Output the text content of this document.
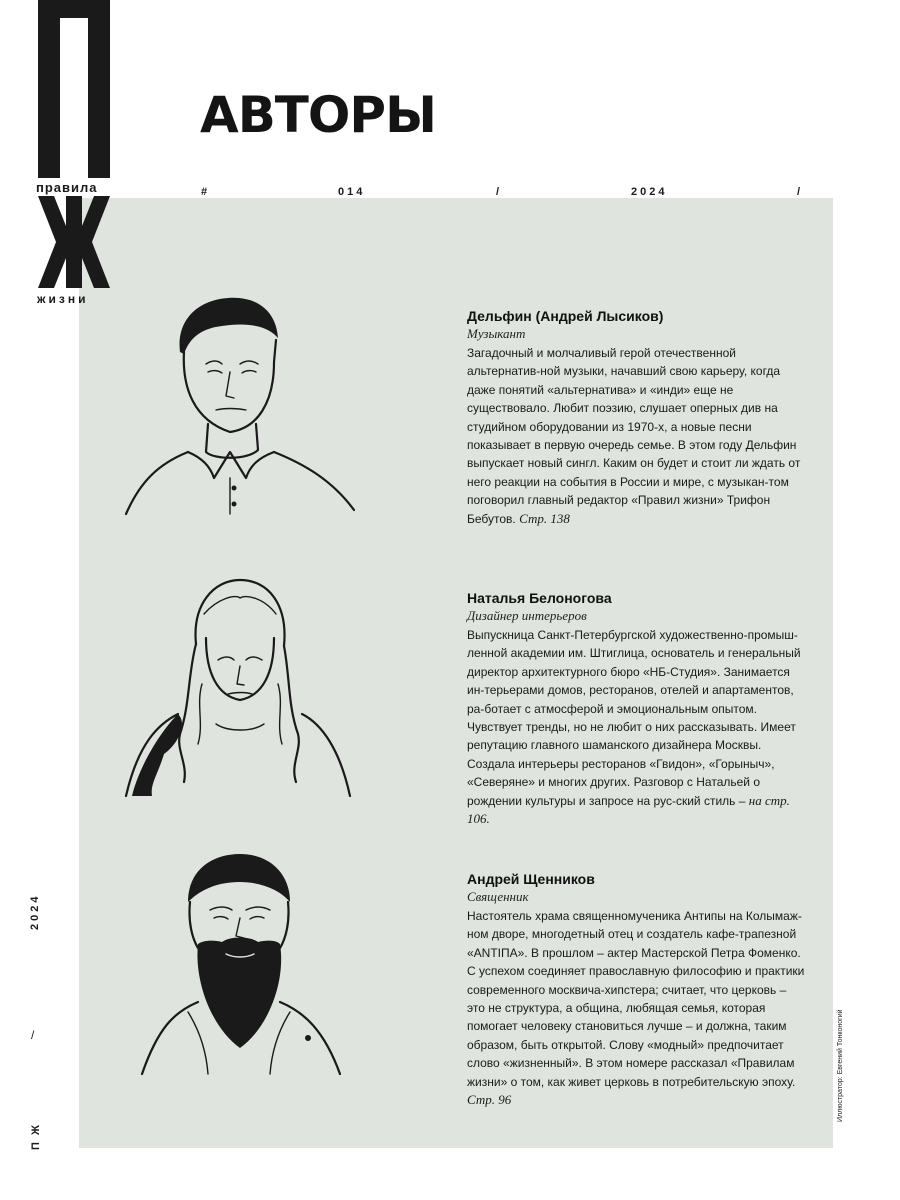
правила
жизни
АВТОРЫ
#	014	/	2024	/
2024
/
П Ж
Иллюстратор: Евгений Тонконогий

Дельфин (Андрей Лысиков)

Музыкант

Загадочный и молчаливый герой отечественной альтернатив-ной музыки, начавший свою карьеру, когда даже понятий «альтернатива» и «инди» еще не существовало. Любит поэзию, слушает оперных див на студийном оборудовании из 1970-х, а новые песни показывает в первую очередь семье. В этом году Дельфин выпускает новый сингл. Каким он будет и стоит ли ждать от него реакции на события в России и мире, с музыкан-том поговорил главный редактор «Правил жизни» Трифон Бебутов. Стр. 138

Наталья Белоногова

Дизайнер интерьеров

Выпускница Санкт-Петербургской художественно-промыш-ленной академии им. Штиглица, основатель и генеральный директор архитектурного бюро «НБ-Студия». Занимается ин-терьерами домов, ресторанов, отелей и апартаментов, ра-ботает с атмосферой и эмоциональным опытом. Чувствует тренды, но не любит о них рассказывать. Имеет репутацию главного шаманского дизайнера Москвы. Создала интерьеры ресторанов «Гвидон», «Горыныч», «Северяне» и многих других. Разговор с Натальей о рождении культуры и запросе на рус-ский стиль – на стр. 106.

Андрей Щенников

Священник

Настоятель храма священномученика Антипы на Колымаж-ном дворе, многодетный отец и создатель кафе-трапезной «ANTIПA». В прошлом – актер Мастерской Петра Фоменко. С успехом соединяет православную философию и практики современного москвича-хипстера; считает, что церковь – это не структура, а община, любящая семья, которая помогает человеку становиться лучше – и должна, таким образом, быть открытой. Слову «модный» предпочитает слово «жизненный». В этом номере рассказал «Правилам жизни» о том, как живет церковь в потребительскую эпоху. Стр. 96
